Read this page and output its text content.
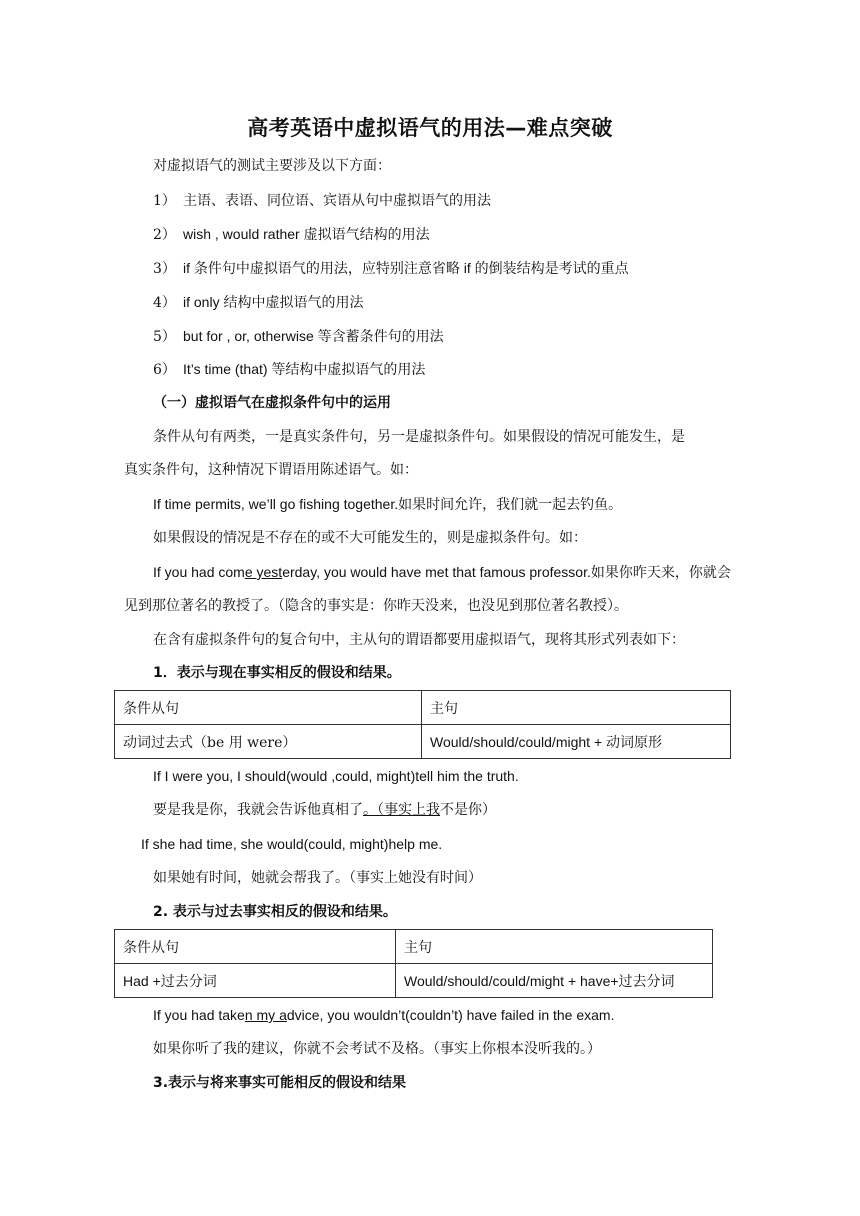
高考英语中虚拟语气的用法—难点突破
对虚拟语气的测试主要涉及以下方面：
1） 主语、表语、同位语、宾语从句中虚拟语气的用法
2） wish , would rather 虚拟语气结构的用法
3） if 条件句中虚拟语气的用法，应特别注意省略 if 的倒装结构是考试的重点
4） if only 结构中虚拟语气的用法
5） but for , or, otherwise 等含蓄条件句的用法
6） It’s time (that) 等结构中虚拟语气的用法
（一）虚拟语气在虚拟条件句中的运用
条件从句有两类，一是真实条件句，另一是虚拟条件句。如果假设的情况可能发生，是
真实条件句，这种情况下谓语用陈述语气。如：
If time permits, we’ll go fishing together.如果时间允许，我们就一起去钓鱼。
如果假设的情况是不存在的或不大可能发生的，则是虚拟条件句。如：
If you had come yesterday, you would have met that famous professor.如果你昨天来，你就会
见到那位著名的教授了。（隐含的事实是：你昨天没来，也没见到那位著名教授）。
在含有虚拟条件句的复合句中，主从句的谓语都要用虚拟语气，现将其形式列表如下：
1．表示与现在事实相反的假设和结果。
条件从句	主句
动词过去式（be 用 were）	Would/should/could/might + 动词原形
If I were you, I should(would ,could, might)tell him the truth.
要是我是你，我就会告诉他真相了。（事实上我不是你）
If she had time, she would(could, might)help me.
如果她有时间，她就会帮我了。（事实上她没有时间）
2. 表示与过去事实相反的假设和结果。
条件从句	主句
Had +过去分词	Would/should/could/might + have+过去分词
If you had taken my advice, you wouldn’t(couldn’t) have failed in the exam.
如果你听了我的建议，你就不会考试不及格。（事实上你根本没听我的。）
3.表示与将来事实可能相反的假设和结果
